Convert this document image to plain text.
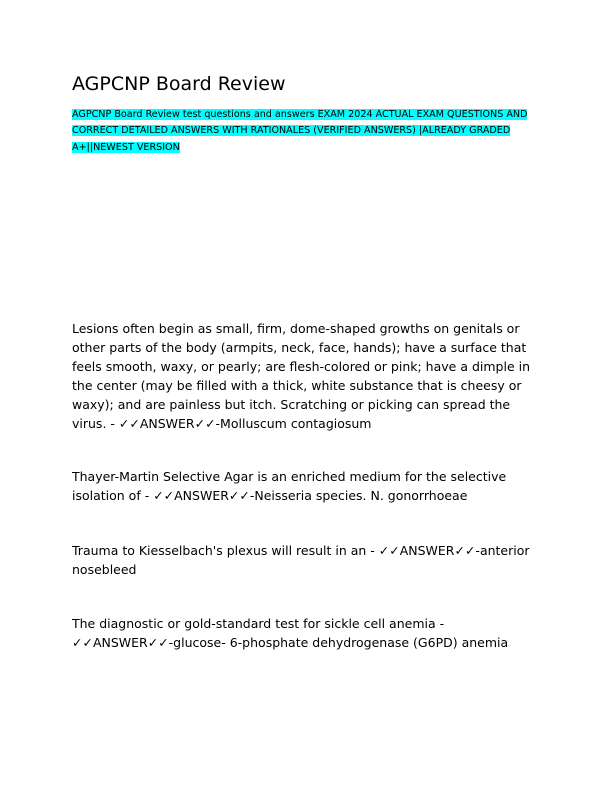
AGPCNP Board Review

AGPCNP Board Review test questions and answers EXAM 2024 ACTUAL EXAM QUESTIONS AND CORRECT DETAILED ANSWERS WITH RATIONALES (VERIFIED ANSWERS) |ALREADY GRADED A+||NEWEST VERSION

Lesions often begin as small, firm, dome-shaped growths on genitals or other parts of the body (armpits, neck, face, hands); have a surface that feels smooth, waxy, or pearly; are flesh-colored or pink; have a dimple in the center (may be filled with a thick, white substance that is cheesy or waxy); and are painless but itch. Scratching or picking can spread the virus. - ✓✓ANSWER✓✓-Molluscum contagiosum

Thayer-Martin Selective Agar is an enriched medium for the selective isolation of - ✓✓ANSWER✓✓-Neisseria species. N. gonorrhoeae

Trauma to Kiesselbach's plexus will result in an - ✓✓ANSWER✓✓-anterior nosebleed

The diagnostic or gold-standard test for sickle cell anemia - ✓✓ANSWER✓✓-glucose- 6-phosphate dehydrogenase (G6PD) anemia
